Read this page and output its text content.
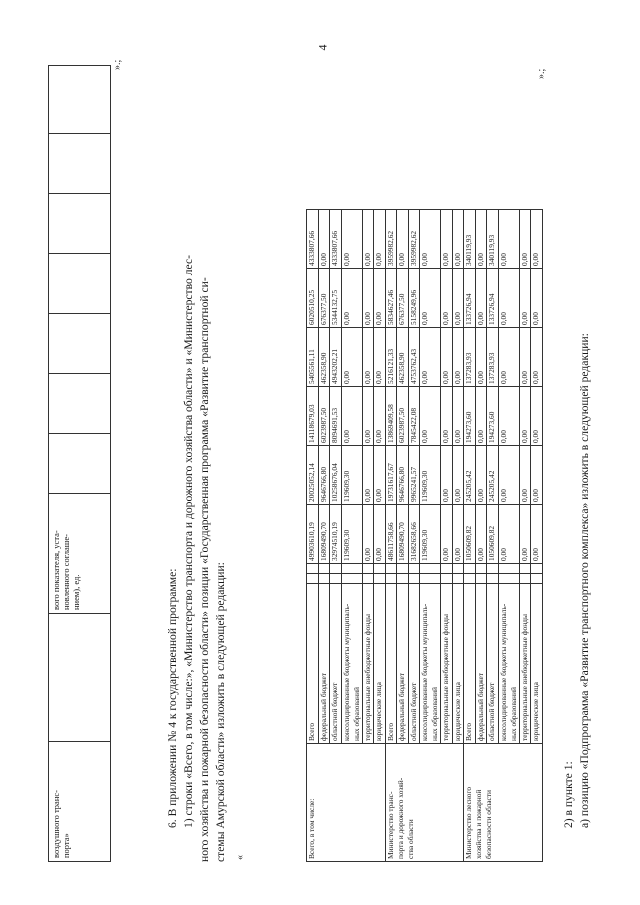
4
воздушного транс-
порта»		вого показателя, уста-
новленного соглаше-
нием), ед.							
».;
6. В приложении № 4 к государственной программе: 1) строки «Всего, в том числе:», «Министерство транспорта и дорожного хозяйства области» и «Министерство лес- ного хозяйства и пожарной безопасности области» позиции «Государственная программа «Развитие транспортной си- стемы Амурской области» изложить в следующей редакции: «	Всего, в том числе:	Всего			49903610,19	20025052,14	14118679,03	5405561,11	6020510,25	4333807,66
	федеральный бюджет			16809490,70	9646766,80	6023987,50	462358,90	676377,50	0,00
	областной бюджет			32974510,19	10258676,04	8094691,53	4943202,21	5344132,75	4333807,66
	консолидированные бюджеты муниципаль-
ных образований			119609,30	119609,30	0,00	0,00	0,00	0,00
	территориальные внебюджетные фонды			0,00	0,00	0,00	0,00	0,00	0,00
	юридические лица			0,00	0,00	0,00	0,00	0,00	0,00
Министерство транс-
порта и дорожного хозяй-
ства области	Всего			48611758,66	19731617,67	13869409,58	5216121,33	5834627,46	3959982,62
	федеральный бюджет			16809490,70	9646766,80	6023987,50	462358,90	676377,50	0,00
	областной бюджет			31682658,66	9965241,57	7845422,08	4753762,43	5158249,96	3959982,62
	консолидированные бюджеты муниципаль-
ных образований			119609,30	119609,30	0,00	0,00	0,00	0,00
	территориальные внебюджетные фонды			0,00	0,00	0,00	0,00	0,00	0,00
	юридические лица			0,00	0,00	0,00	0,00	0,00	0,00
Министерство лесного
хозяйства и пожарной
безопасности области	Всего			1050609,82	245205,42	194273,60	137283,93	133726,94	340119,93
	федеральный бюджет			0,00	0,00	0,00	0,00	0,00	0,00
	областной бюджет			1050609,82	245205,42	194273,60	137283,93	133726,94	340119,93
	консолидированные бюджеты муниципаль-
ных образований			0,00	0,00	0,00	0,00	0,00	0,00
	территориальные внебюджетные фонды			0,00	0,00	0,00	0,00	0,00	0,00
	юридические лица			0,00	0,00	0,00	0,00	0,00	0,00
».;
2) в пункте 1: а) позицию «Подпрограмма «Развитие транспортного комплекса» изложить в следующей редакции:
